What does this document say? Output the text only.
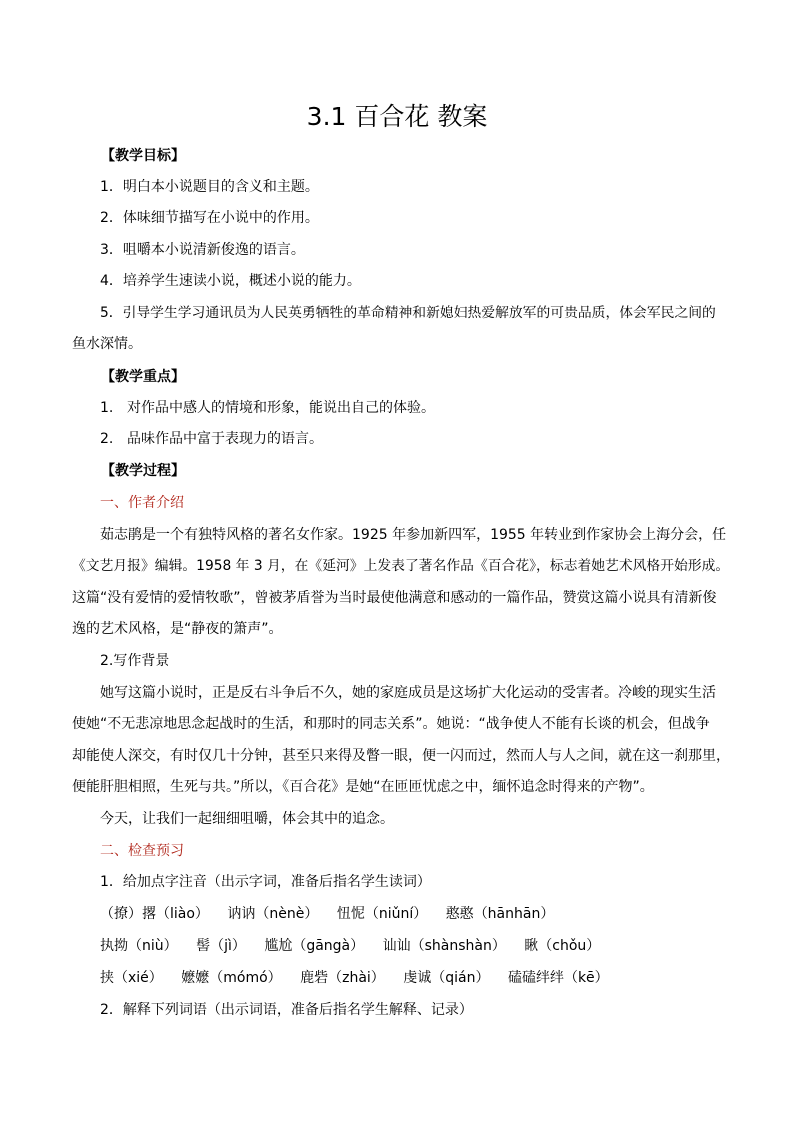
3.1 百合花 教案
【教学目标】
1．明白本小说题目的含义和主题。
2．体味细节描写在小说中的作用。
3．咀嚼本小说清新俊逸的语言。
4．培养学生速读小说，概述小说的能力。
5．引导学生学习通讯员为人民英勇牺牲的革命精神和新媳妇热爱解放军的可贵品质，体会军民之间的
鱼水深情。
【教学重点】
1. 对作品中感人的情境和形象，能说出自己的体验。
2. 品味作品中富于表现力的语言。
【教学过程】
一、作者介绍
茹志鹃是一个有独特风格的著名女作家。1925 年参加新四军，1955 年转业到作家协会上海分会，任
《文艺月报》编辑。1958 年 3 月，在《延河》上发表了著名作品《百合花》，标志着她艺术风格开始形成。
这篇“没有爱情的爱情牧歌”，曾被茅盾誉为当时最使他满意和感动的一篇作品，赞赏这篇小说具有清新俊
逸的艺术风格，是“静夜的箫声”。
2.写作背景
她写这篇小说时，正是反右斗争后不久，她的家庭成员是这场扩大化运动的受害者。冷峻的现实生活
使她“不无悲凉地思念起战时的生活，和那时的同志关系”。她说：“战争使人不能有长谈的机会，但战争
却能使人深交，有时仅几十分钟，甚至只来得及瞥一眼，便一闪而过，然而人与人之间，就在这一刹那里，
便能肝胆相照，生死与共。”所以，《百合花》是她“在匝匝忧虑之中，缅怀追念时得来的产物”。
今天，让我们一起细细咀嚼，体会其中的追念。
二、检查预习
1．给加点字注音（出示字词，准备后指名学生读词）
（撩）撂（liào） 讷讷（nènè） 忸怩（niǔní） 憨憨（hānhān）
执拗（niù） 髻（jì） 尴尬（gāngà） 讪讪（shànshàn） 瞅（chǒu）
挟（xié） 嬷嬷（mómó） 鹿砦（zhài） 虔诚（qián） 磕磕绊绊（kē）
2．解释下列词语（出示词语，准备后指名学生解释、记录）
